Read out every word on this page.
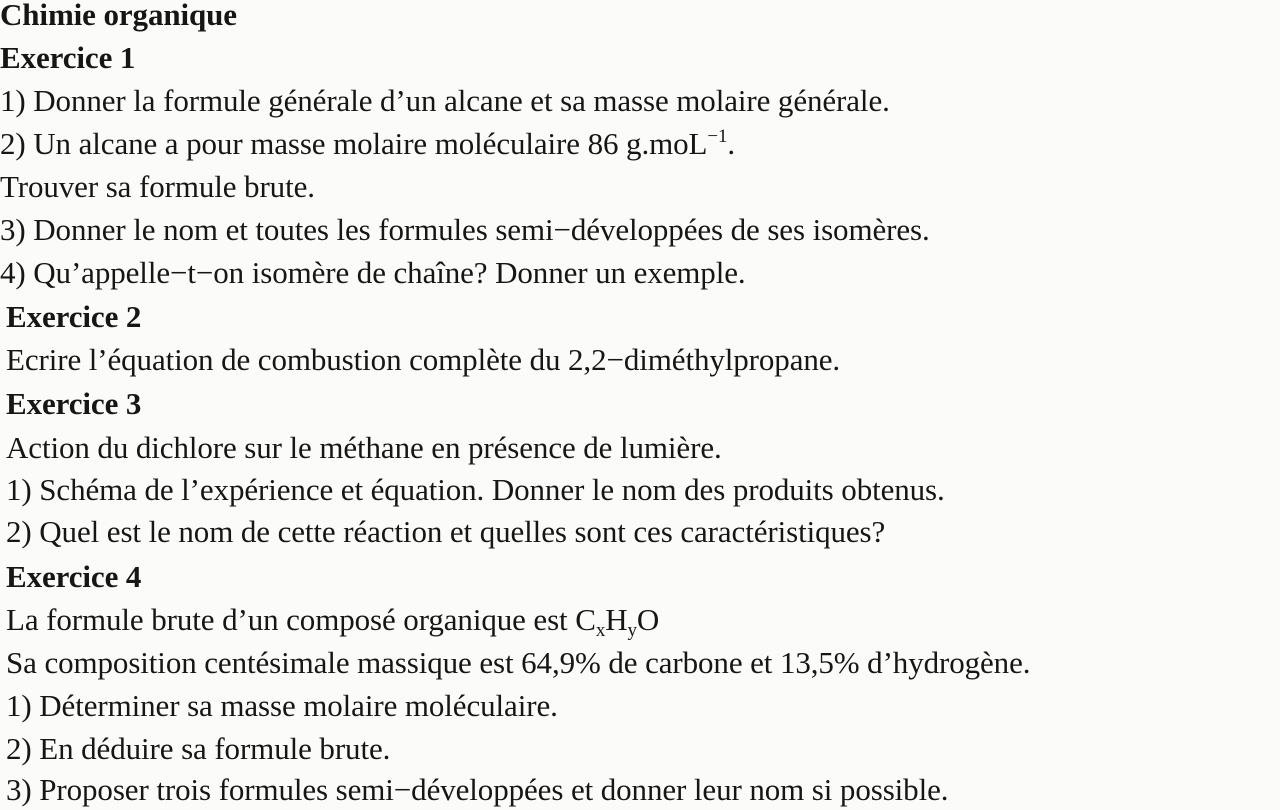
Chimie organique
Exercice 1
1) Donner la formule générale d’un alcane et sa masse molaire générale.
2) Un alcane a pour masse molaire moléculaire 86 g.moL$^{-1}$.
Trouver sa formule brute.
3) Donner le nom et toutes les formules semi−développées de ses isomères.
4) Qu’appelle−t−on isomère de chaîne? Donner un exemple.
Exercice 2
Ecrire l’équation de combustion complète du 2,2−diméthylpropane.
Exercice 3
Action du dichlore sur le méthane en présence de lumière.
1) Schéma de l’expérience et équation. Donner le nom des produits obtenus.
2) Quel est le nom de cette réaction et quelles sont ces caractéristiques?
Exercice 4
La formule brute d’un composé organique est $C_xH_yO$
Sa composition centésimale massique est 64,9% de carbone et 13,5% d’hydrogène.
1) Déterminer sa masse molaire moléculaire.
2) En déduire sa formule brute.
3) Proposer trois formules semi−développées et donner leur nom si possible.
